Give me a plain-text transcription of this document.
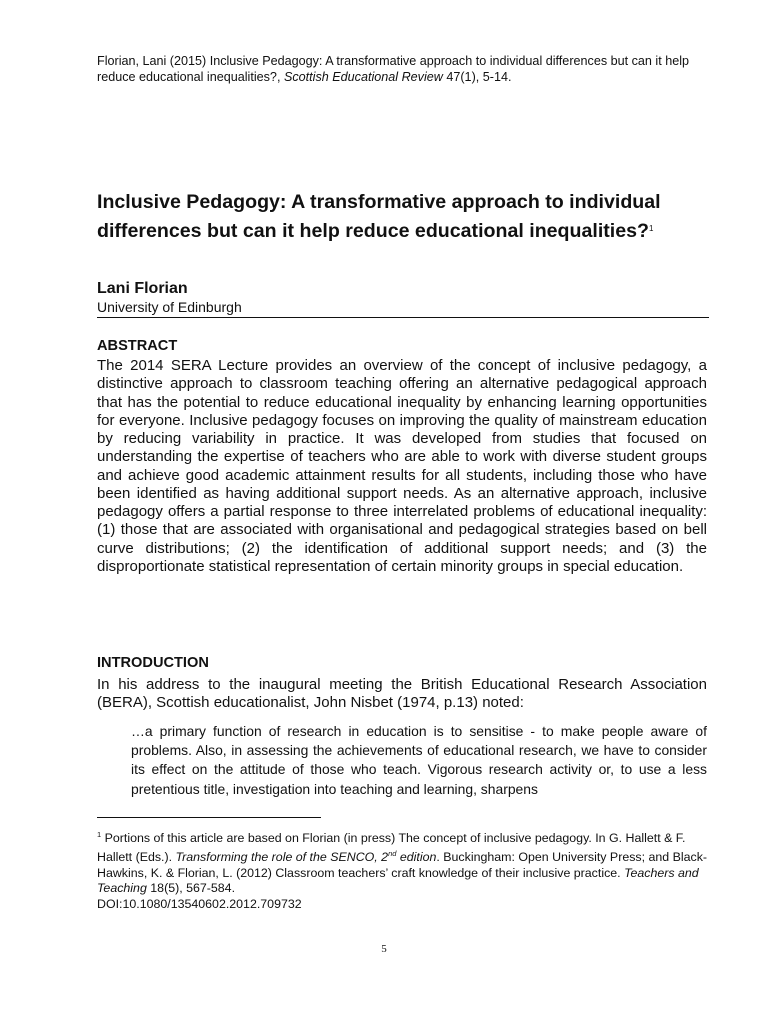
Florian, Lani (2015) Inclusive Pedagogy: A transformative approach to individual differences but can it help reduce educational inequalities?, Scottish Educational Review 47(1), 5-14.
Inclusive Pedagogy: A transformative approach to individual differences but can it help reduce educational inequalities?$^1$
Lani Florian
University of Edinburgh
ABSTRACT

The 2014 SERA Lecture provides an overview of the concept of inclusive pedagogy, a distinctive approach to classroom teaching offering an alternative pedagogical approach that has the potential to reduce educational inequality by enhancing learning opportunities for everyone. Inclusive pedagogy focuses on improving the quality of mainstream education by reducing variability in practice. It was developed from studies that focused on understanding the expertise of teachers who are able to work with diverse student groups and achieve good academic attainment results for all students, including those who have been identified as having additional support needs. As an alternative approach, inclusive pedagogy offers a partial response to three interrelated problems of educational inequality: (1) those that are associated with organisational and pedagogical strategies based on bell curve distributions; (2) the identification of additional support needs; and (3) the disproportionate statistical representation of certain minority groups in special education.

INTRODUCTION

In his address to the inaugural meeting the British Educational Research Association (BERA), Scottish educationalist, John Nisbet (1974, p.13) noted:

…a primary function of research in education is to sensitise - to make people aware of problems. Also, in assessing the achievements of educational research, we have to consider its effect on the attitude of those who teach. Vigorous research activity or, to use a less pretentious title, investigation into teaching and learning, sharpens

$^1$ Portions of this article are based on Florian (in press) The concept of inclusive pedagogy. In G. Hallett & F. Hallett (Eds.). Transforming the role of the SENCO, 2nd edition. Buckingham: Open University Press; and Black-Hawkins, K. & Florian, L. (2012) Classroom teachers’ craft knowledge of their inclusive practice. Teachers and Teaching 18(5), 567-584.
DOI:10.1080/13540602.2012.709732

5
